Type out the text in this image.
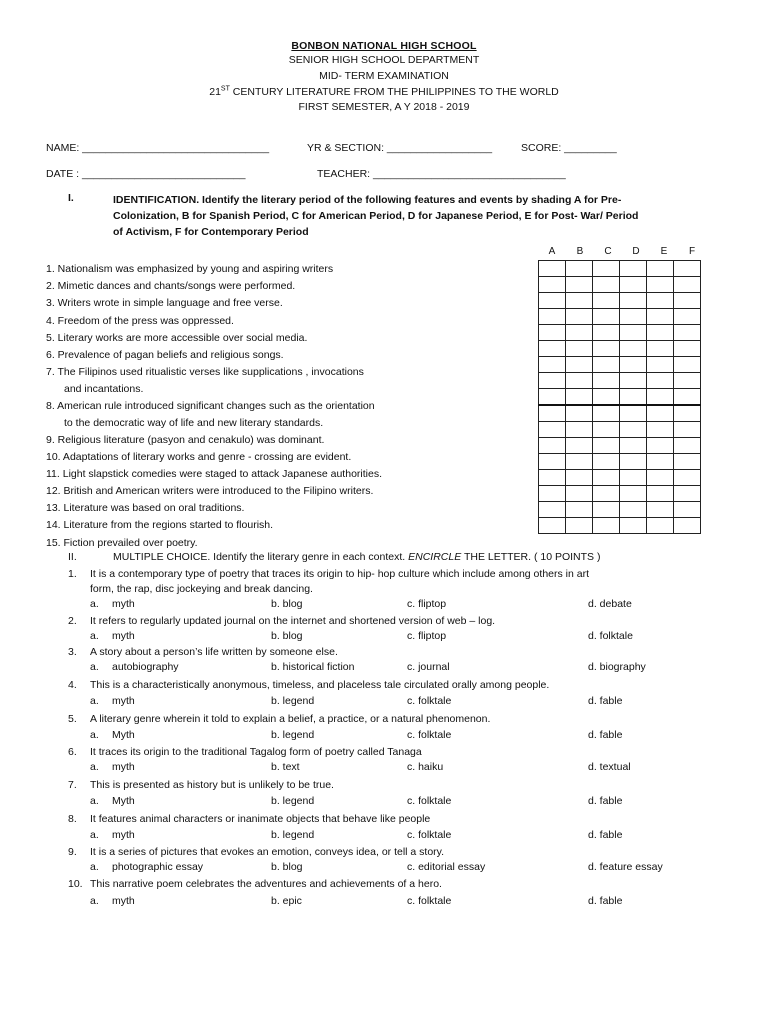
BONBON NATIONAL HIGH SCHOOL
SENIOR HIGH SCHOOL DEPARTMENT
MID- TERM EXAMINATION
21ST CENTURY LITERATURE FROM THE PHILIPPINES TO THE WORLD
FIRST SEMESTER, A Y 2018 - 2019
NAME: ________________________________	YR & SECTION: __________________	SCORE: _________
DATE : ____________________________	TEACHER: _________________________________
I.	IDENTIFICATION. Identify the literary period of the following features and events by shading A for Pre-
Colonization, B for Spanish Period, C for American Period, D for Japanese Period, E for Post- War/ Period
of Activism, F for Contemporary Period
A	B	C	D	E	F

1. Nationalism was emphasized by young and aspiring writers
2. Mimetic dances and chants/songs were performed.
3. Writers wrote in simple language and free verse.
4. Freedom of the press was oppressed.
5. Literary works are more accessible over social media.
6. Prevalence of pagan beliefs and religious songs.
7. The Filipinos used ritualistic verses like supplications , invocations
and incantations.
8. American rule introduced significant changes such as the orientation
to the democratic way of life and new literary standards.
9. Religious literature (pasyon and cenakulo) was dominant.
10. Adaptations of literary works and genre - crossing are evident.
11. Light slapstick comedies were staged to attack Japanese authorities.
12. British and American writers were introduced to the Filipino writers.
13. Literature was based on oral traditions.
14. Literature from the regions started to flourish.
15. Fiction prevailed over poetry.
II.	MULTIPLE CHOICE. Identify the literary genre in each context. ENCIRCLE THE LETTER. ( 10 POINTS )
1. It is a contemporary type of poetry that traces its origin to hip- hop culture which include among others in art
form, the rap, disc jockeying and break dancing.
a. myth	b. blog	c. fliptop	d. debate
2. It refers to regularly updated journal on the internet and shortened version of web – log.
a. myth	b. blog	c. fliptop	d. folktale
3. A story about a person’s life written by someone else.
a. autobiography	b. historical fiction	c. journal	d. biography
4. This is a characteristically anonymous, timeless, and placeless tale circulated orally among people.
a. myth	b. legend	c. folktale	d. fable
5. A literary genre wherein it told to explain a belief, a practice, or a natural phenomenon.
a. Myth	b. legend	c. folktale	d. fable
6. It traces its origin to the traditional Tagalog form of poetry called Tanaga
a. myth	b. text	c. haiku	d. textual
7. This is presented as history but is unlikely to be true.
a. Myth	b. legend	c. folktale	d. fable
8. It features animal characters or inanimate objects that behave like people
a. myth	b. legend	c. folktale	d. fable
9. It is a series of pictures that evokes an emotion, conveys idea, or tell a story.
a. photographic essay	b. blog	c. editorial essay	d. feature essay
10. This narrative poem celebrates the adventures and achievements of a hero.
a. myth	b. epic	c. folktale	d. fable
